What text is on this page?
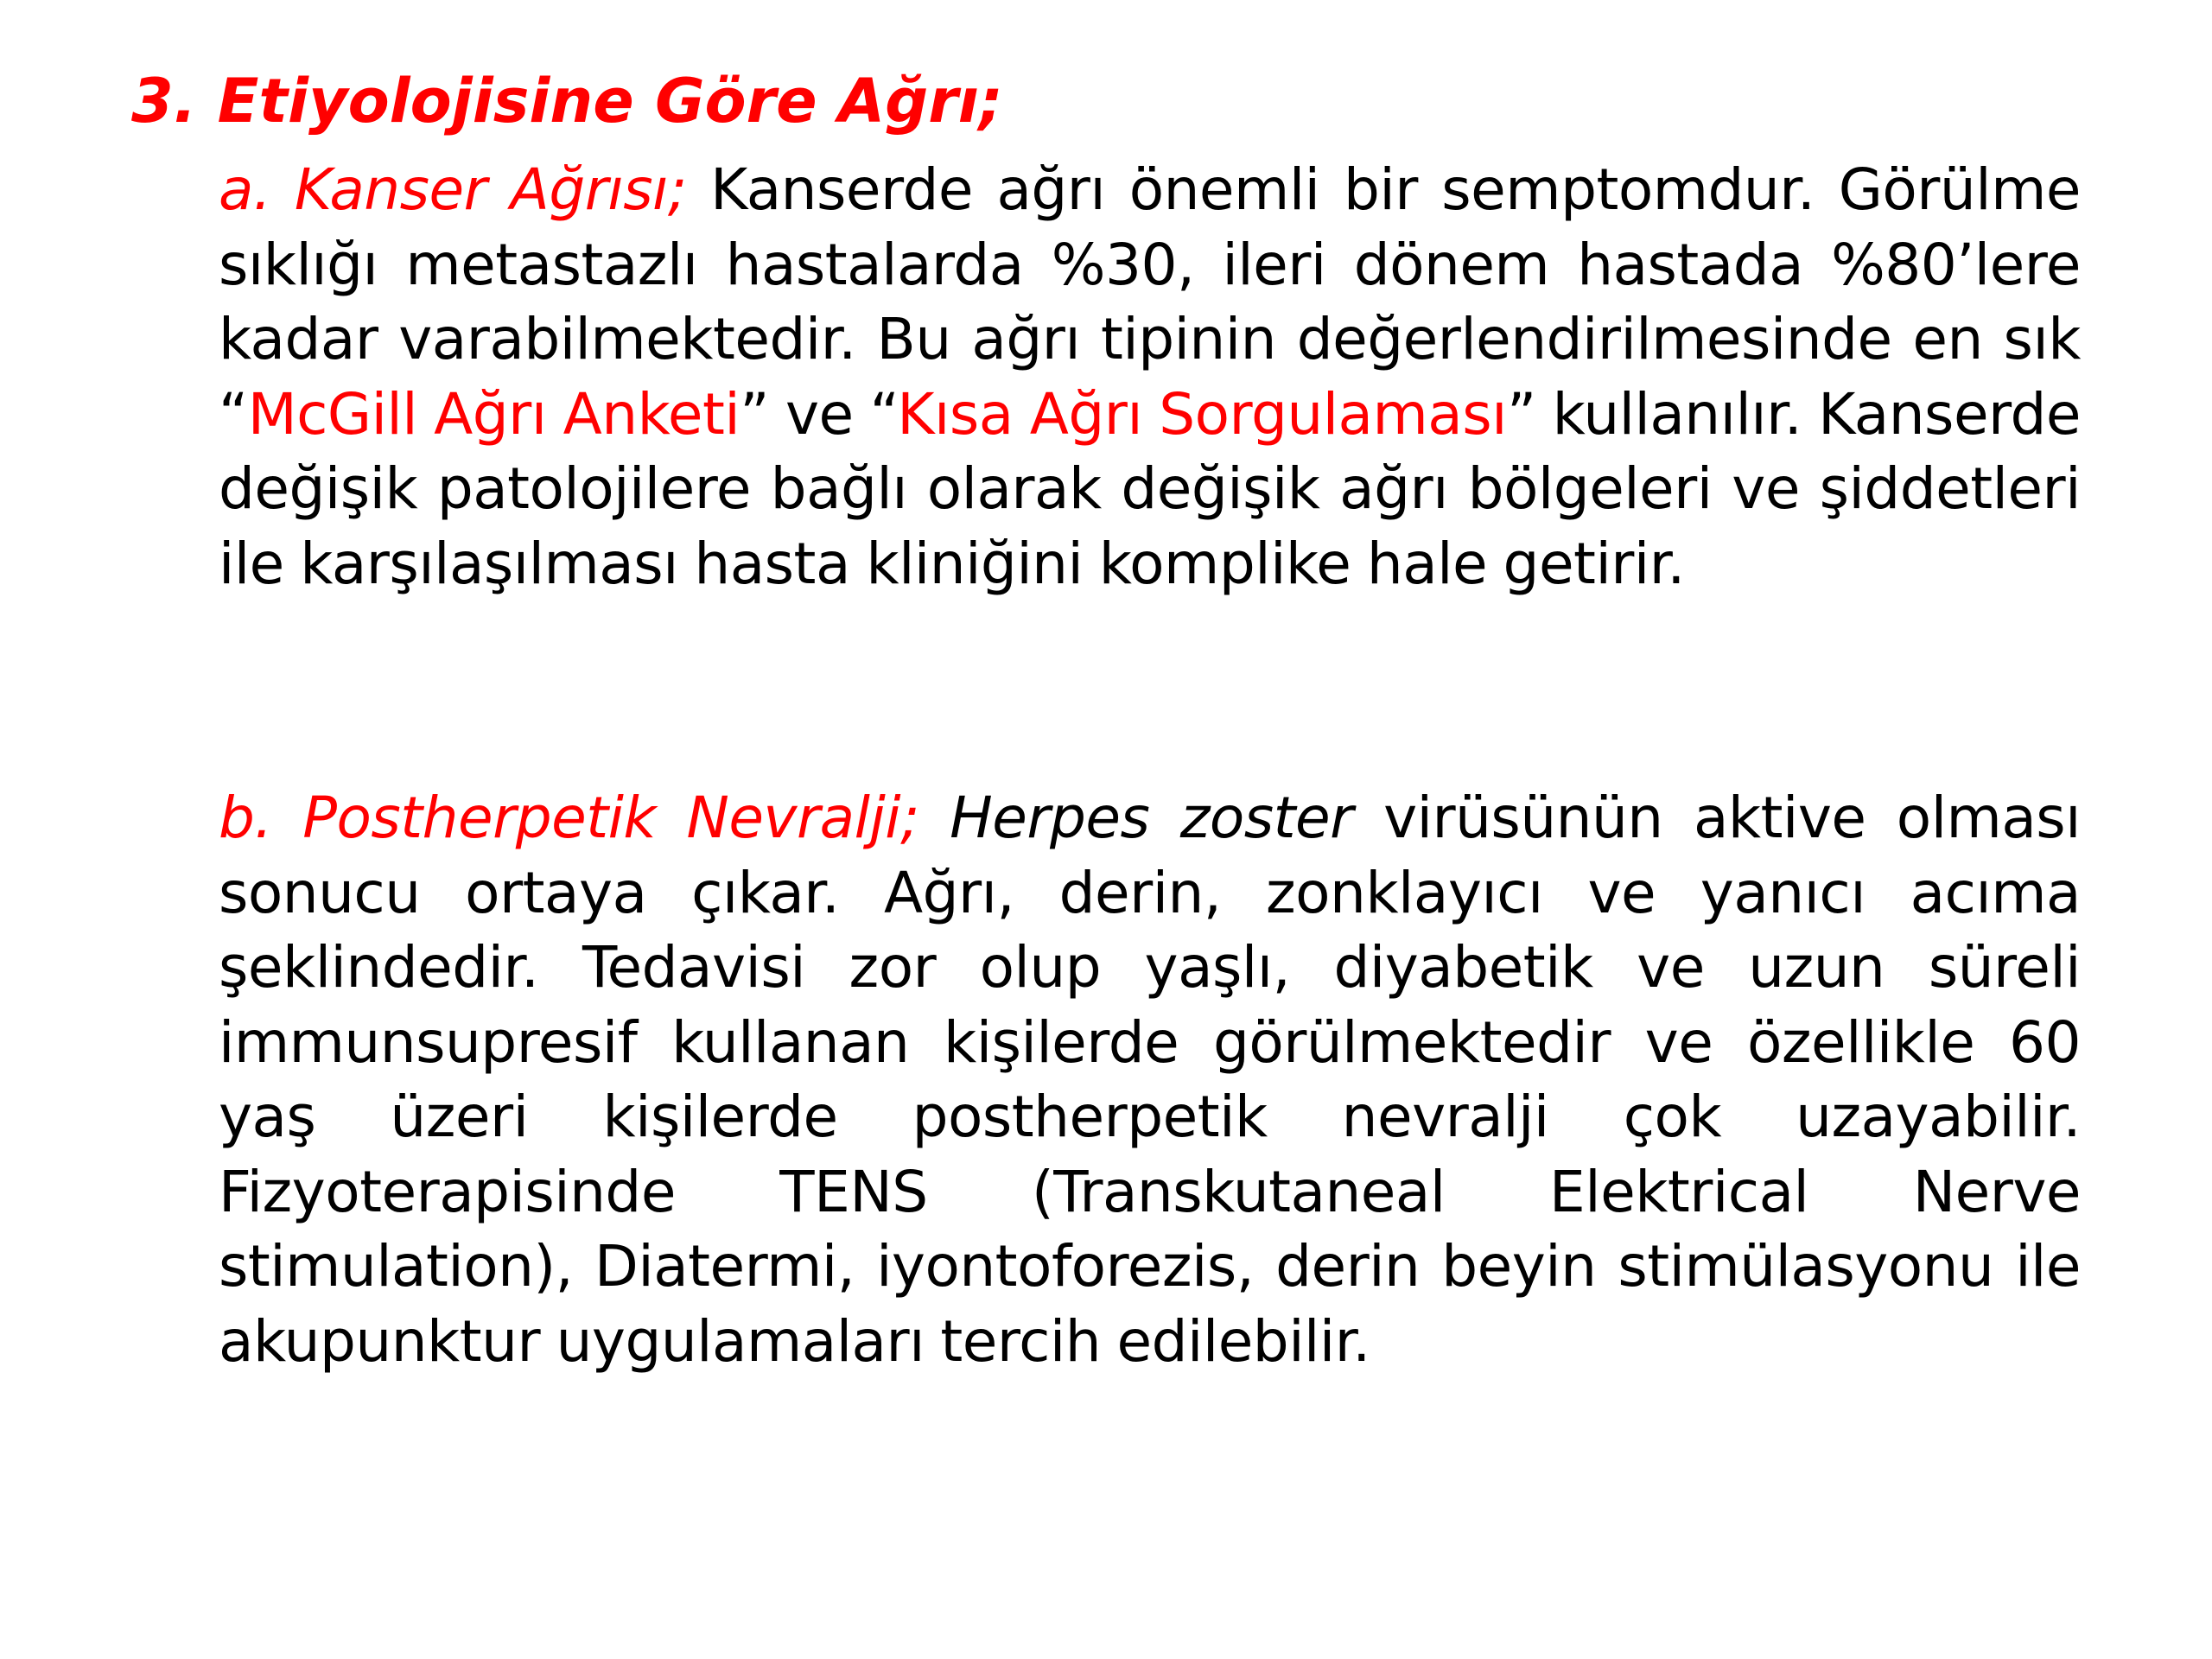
3. Etiyolojisine Göre Ağrı;

a. Kanser Ağrısı; Kanserde ağrı önemli bir semptomdur. Görülme sıklığı metastazlı hastalarda %30, ileri dönem hastada %80’lere kadar varabilmektedir. Bu ağrı tipinin değerlendirilmesinde en sık “McGill Ağrı Anketi” ve “Kısa Ağrı Sorgulaması” kullanılır. Kanserde değişik patolojilere bağlı olarak değişik ağrı bölgeleri ve şiddetleri ile karşılaşılması hasta kliniğini komplike hale getirir.

b. Postherpetik Nevralji; Herpes zoster virüsünün aktive olması sonucu ortaya çıkar. Ağrı, derin, zonklayıcı ve yanıcı acıma şeklindedir. Tedavisi zor olup yaşlı, diyabetik ve uzun süreli immunsupresif kullanan kişilerde görülmektedir ve özellikle 60 yaş üzeri kişilerde postherpetik nevralji çok uzayabilir. Fizyoterapisinde TENS (Transkutaneal Elektrical Nerve stimulation), Diatermi, iyontoforezis, derin beyin stimülasyonu ile akupunktur uygulamaları tercih edilebilir.
